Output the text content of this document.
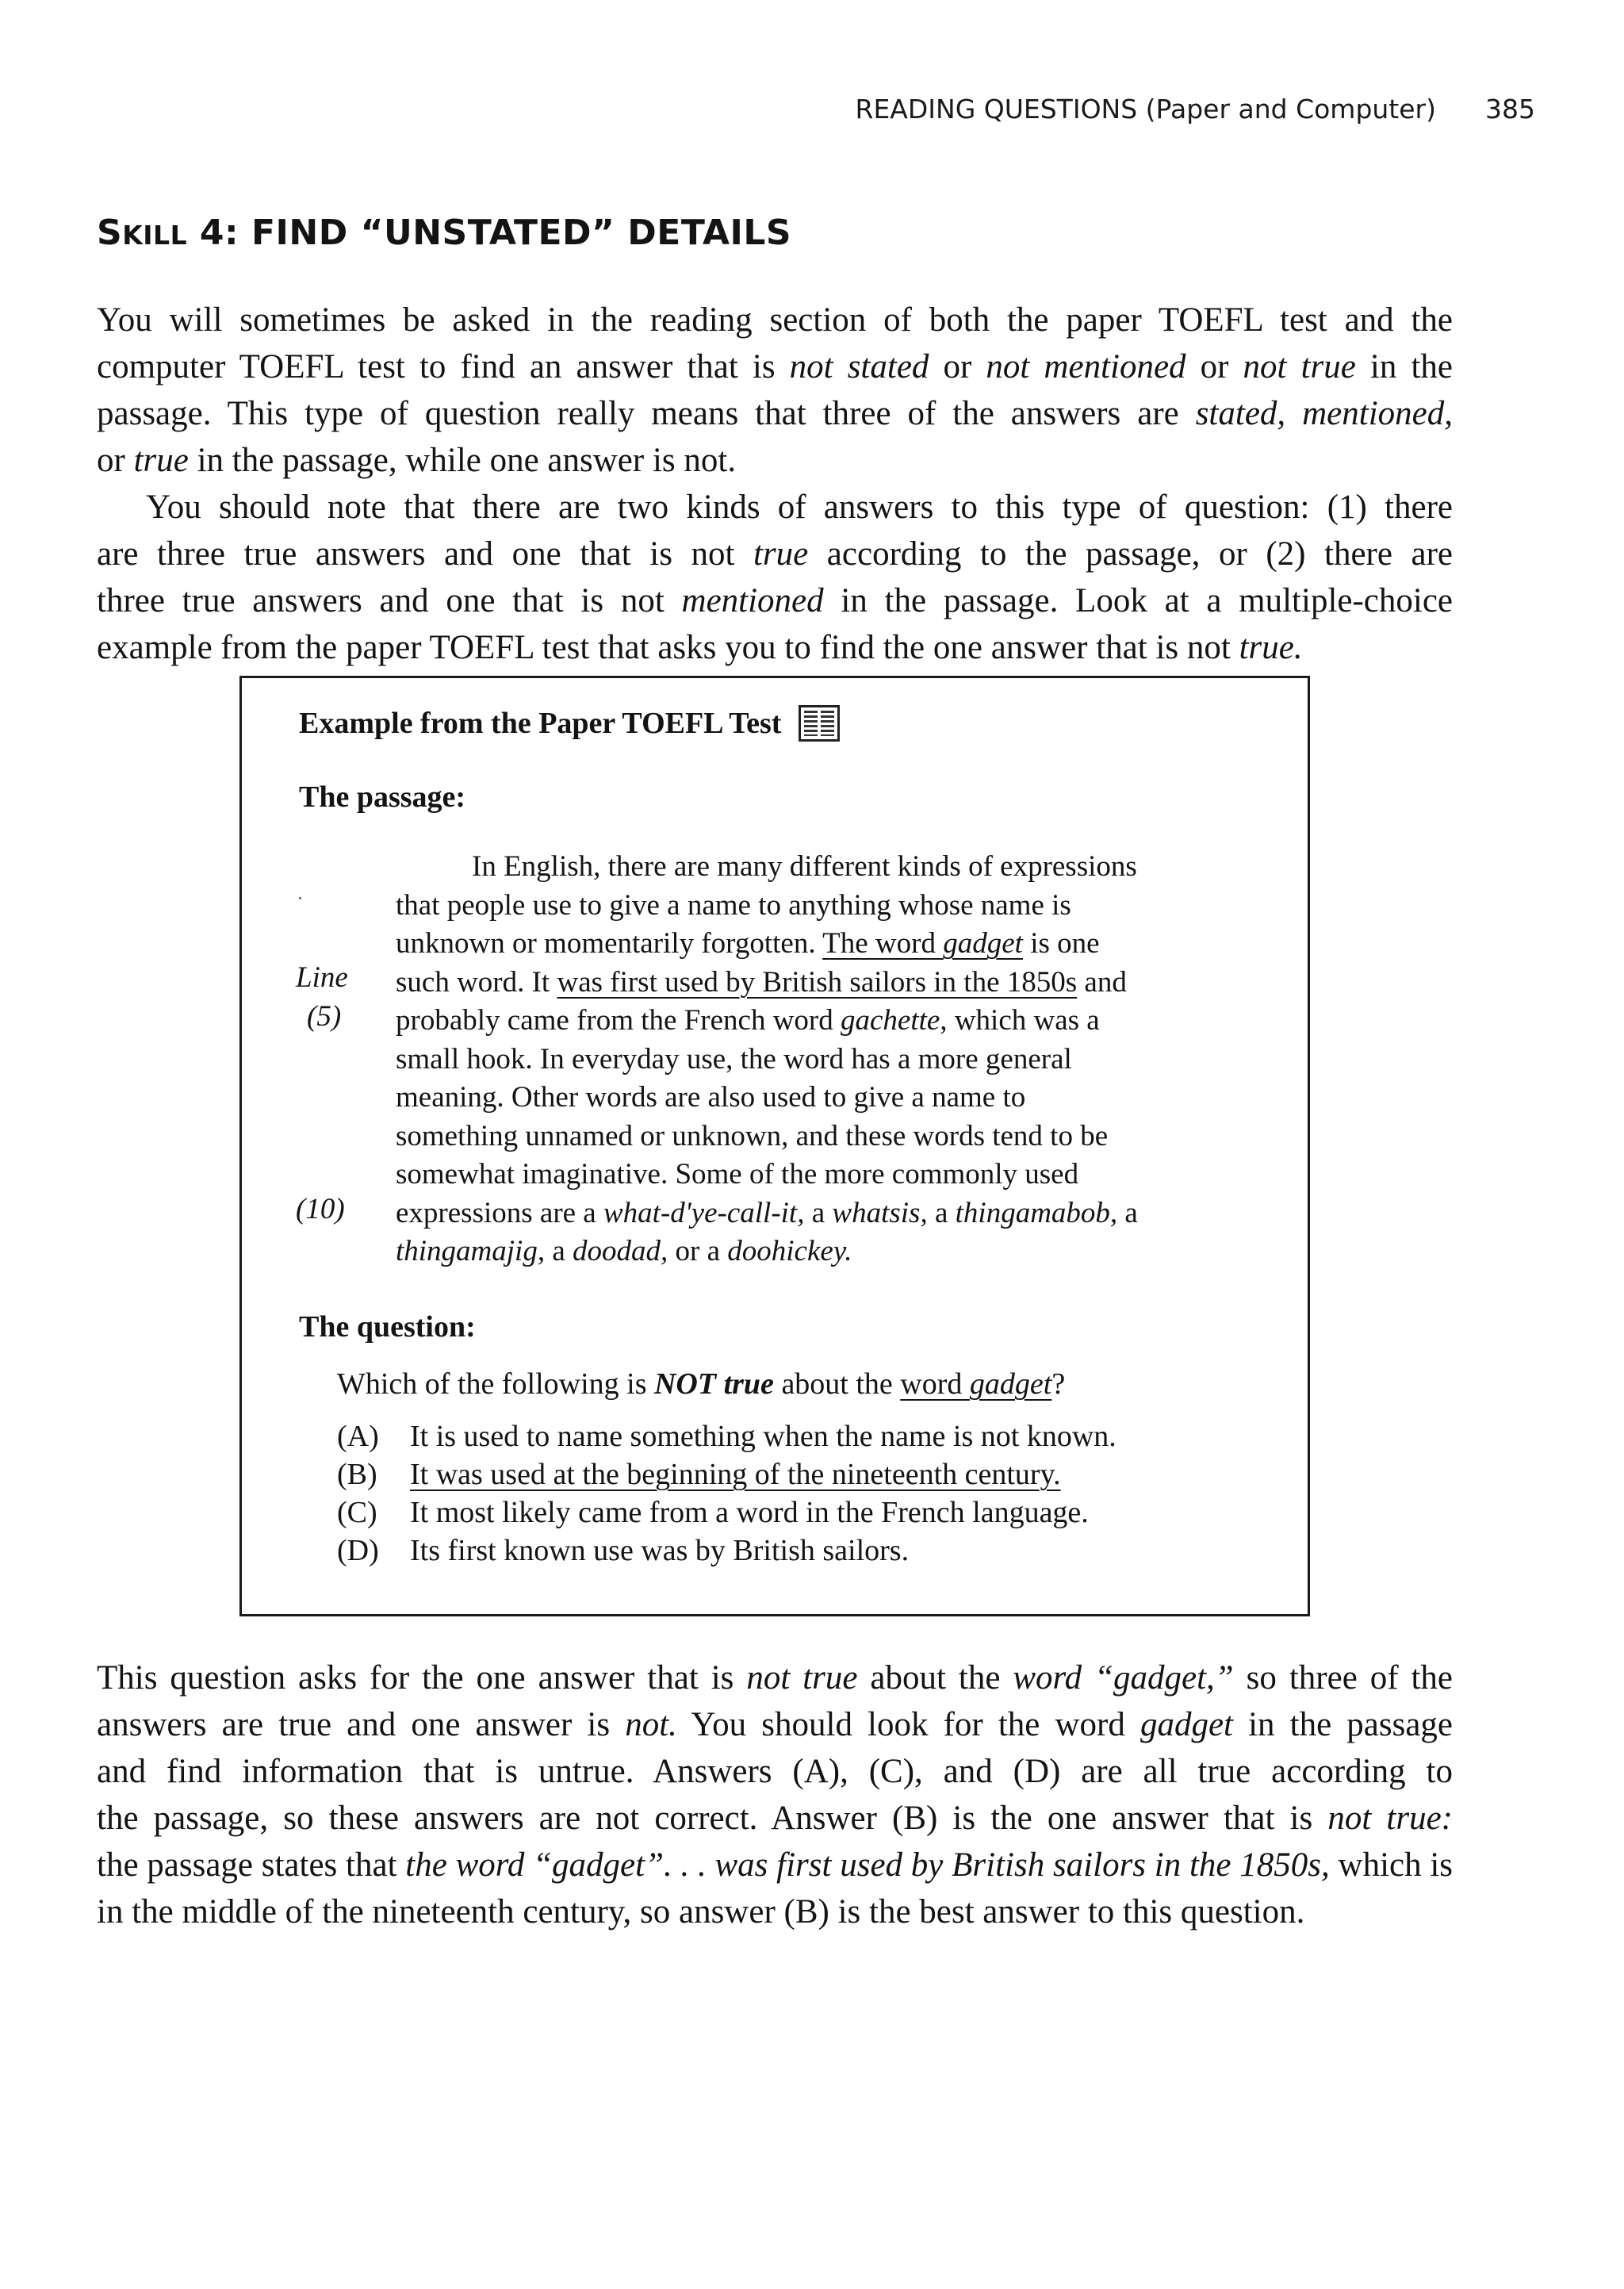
READING QUESTIONS (Paper and Computer) 385
SKILL 4: FIND “UNSTATED” DETAILS

You will sometimes be asked in the reading section of both the paper TOEFL test and the
computer TOEFL test to find an answer that is not stated or not mentioned or not true in the
passage. This type of question really means that three of the answers are stated, mentioned,
or true in the passage, while one answer is not.

You should note that there are two kinds of answers to this type of question: (1) there
are three true answers and one that is not true according to the passage, or (2) there are
three true answers and one that is not mentioned in the passage. Look at a multiple-choice
example from the paper TOEFL test that asks you to find the one answer that is not true.

Example from the Paper TOEFL Test
The passage:
Line
(5)
(10)
In English, there are many different kinds of expressions
that people use to give a name to anything whose name is
unknown or momentarily forgotten. The word gadget is one
such word. It was first used by British sailors in the 1850s and
probably came from the French word gachette, which was a
small hook. In everyday use, the word has a more general
meaning. Other words are also used to give a name to
something unnamed or unknown, and these words tend to be
somewhat imaginative. Some of the more commonly used
expressions are a what-d'ye-call-it, a whatsis, a thingamabob, a
thingamajig, a doodad, or a doohickey.
The question:
Which of the following is NOT true about the word gadget?
(A)	It is used to name something when the name is not known.
(B)	It was used at the beginning of the nineteenth century.
(C)	It most likely came from a word in the French language.
(D)	Its first known use was by British sailors.

This question asks for the one answer that is not true about the word “gadget,” so three of the
answers are true and one answer is not. You should look for the word gadget in the passage
and find information that is untrue. Answers (A), (C), and (D) are all true according to
the passage, so these answers are not correct. Answer (B) is the one answer that is not true:
the passage states that the word “gadget”. . . was first used by British sailors in the 1850s, which is
in the middle of the nineteenth century, so answer (B) is the best answer to this question.
